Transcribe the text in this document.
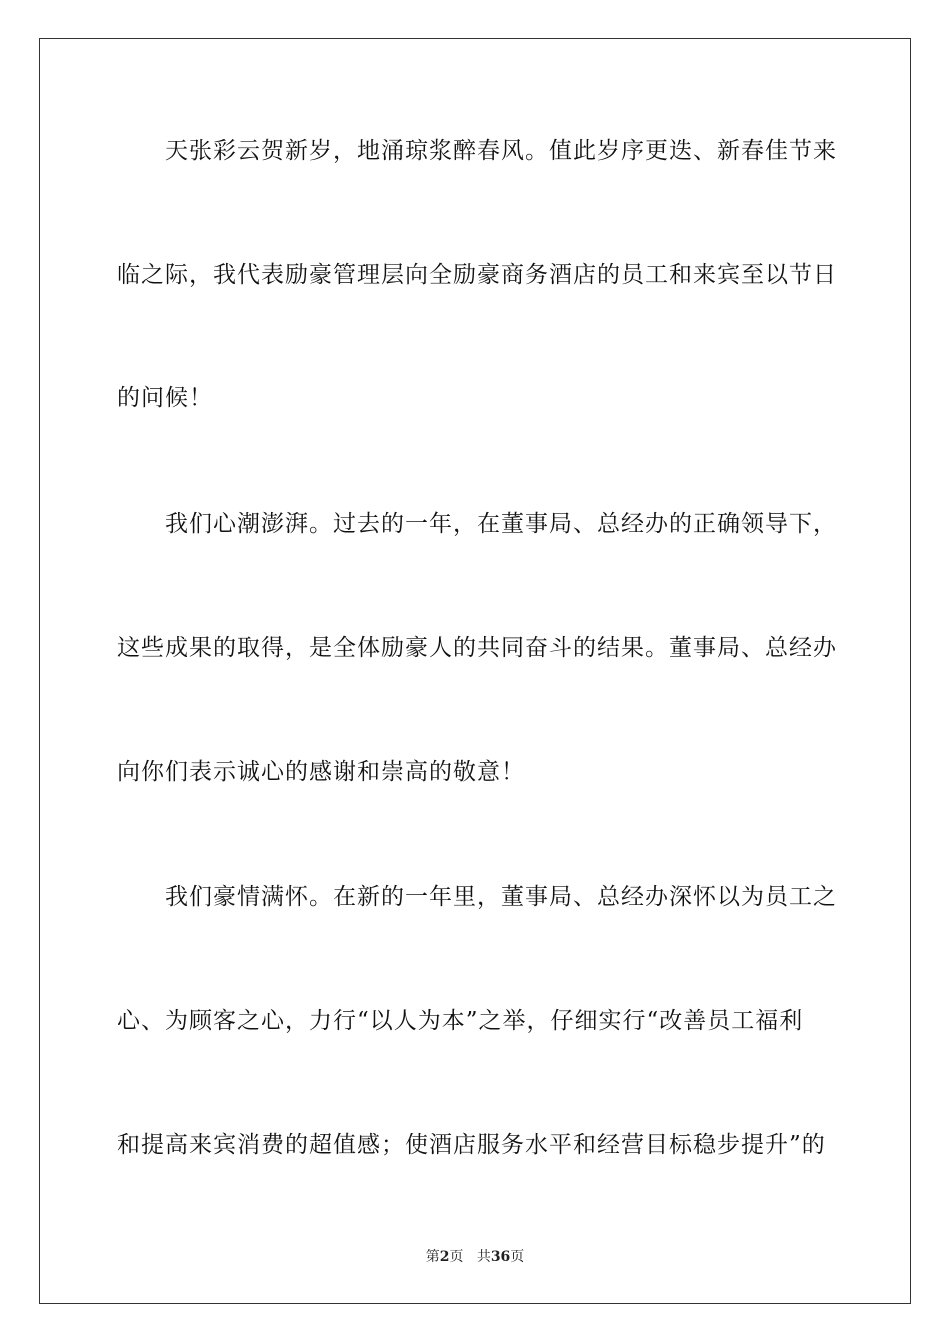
天张彩云贺新岁，地涌琼浆醉春风。值此岁序更迭、新春佳节来
临之际，我代表励豪管理层向全励豪商务酒店的员工和来宾至以节日
的问候！
我们心潮澎湃。过去的一年，在董事局、总经办的正确领导下，
这些成果的取得，是全体励豪人的共同奋斗的结果。董事局、总经办
向你们表示诚心的感谢和崇高的敬意！
我们豪情满怀。在新的一年里，董事局、总经办深怀以为员工之
心、为顾客之心，力行“以人为本”之举，仔细实行“改善员工福利
和提高来宾消费的超值感；使酒店服务水平和经营目标稳步提升”的
第2页 共36页
